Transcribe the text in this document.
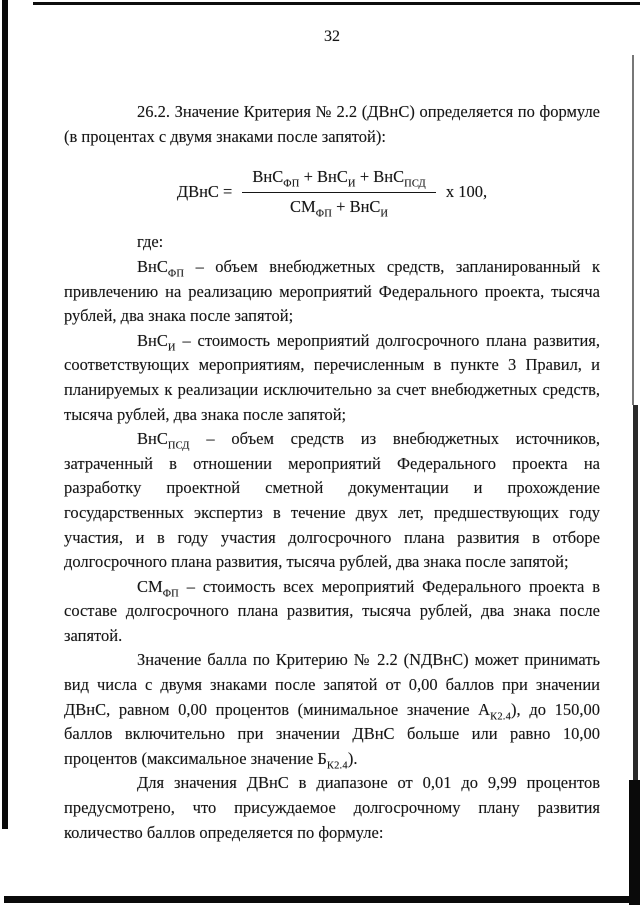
32

26.2. Значение Критерия № 2.2 (ДВнС) определяется по формуле (в процентах с двумя знаками после запятой):

ДВнС = $\frac{ВнС_{ФП} + ВнС_И + ВнС_{ПСД}}{СМ_{ФП} + ВнС_И}$ x 100,

где:

ВнС$_{ФП}$ – объем внебюджетных средств, запланированный к привлечению на реализацию мероприятий Федерального проекта, тысяча рублей, два знака после запятой;

ВнС$_И$ – стоимость мероприятий долгосрочного плана развития, соответствующих мероприятиям, перечисленным в пункте 3 Правил, и планируемых к реализации исключительно за счет внебюджетных средств, тысяча рублей, два знака после запятой;

ВнС$_{ПСД}$ – объем средств из внебюджетных источников, затраченный в отношении мероприятий Федерального проекта на разработку проектной сметной документации и прохождение государственных экспертиз в течение двух лет, предшествующих году участия, и в году участия долгосрочного плана развития в отборе долгосрочного плана развития, тысяча рублей, два знака после запятой;

$СМ_{ФП}$ – стоимость всех мероприятий Федерального проекта в составе долгосрочного плана развития, тысяча рублей, два знака после запятой.

Значение балла по Критерию № 2.2 (NДВнС) может принимать вид числа с двумя знаками после запятой от 0,00 баллов при значении ДВнС, равном 0,00 процентов (минимальное значение $А_{К2.4}$), до 150,00 баллов включительно при значении ДВнС больше или равно 10,00 процентов (максимальное значение $Б_{К2.4}$).

Для значения ДВнС в диапазоне от 0,01 до 9,99 процентов предусмотрено, что присуждаемое долгосрочному плану развития количество баллов определяется по формуле:
